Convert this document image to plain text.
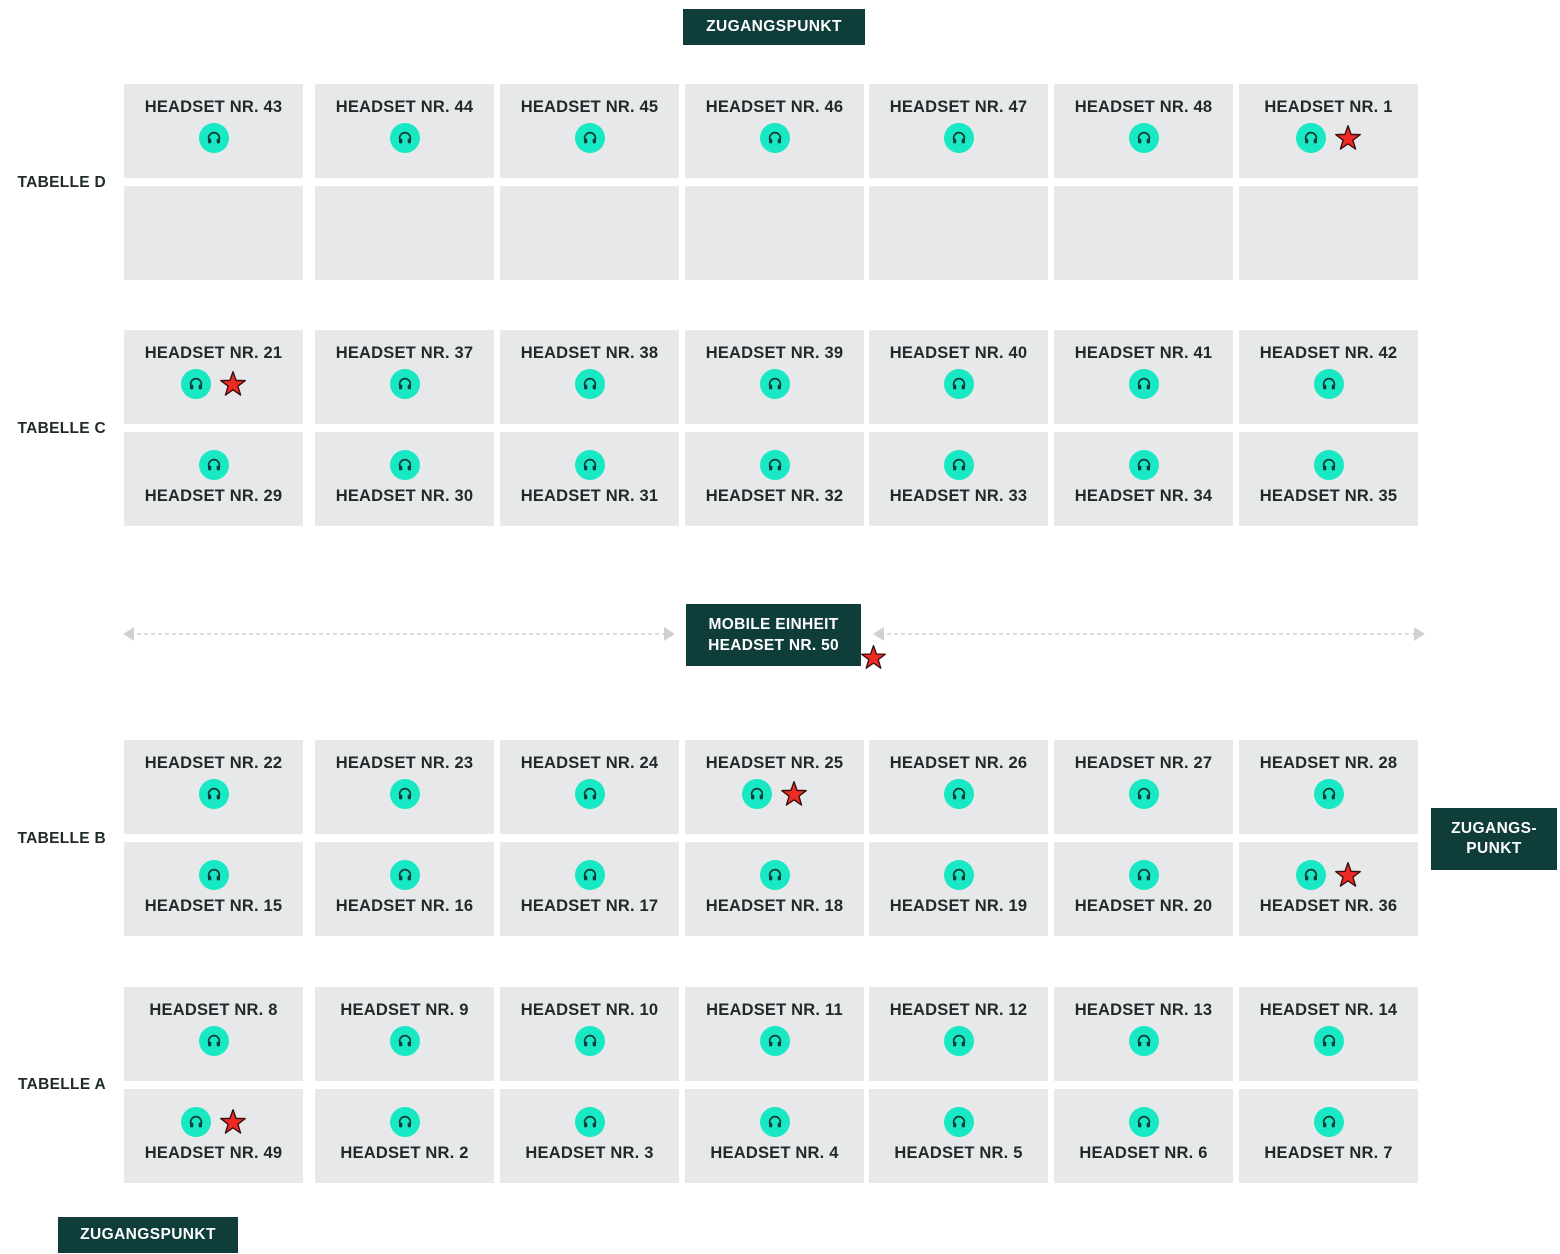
ZUGANGSPUNKT
ZUGANGS-
PUNKT
ZUGANGSPUNKT
MOBILE EINHEIT
HEADSET NR. 50
TABELLE D
HEADSET NR. 43	HEADSET NR. 44	HEADSET NR. 45	HEADSET NR. 46	HEADSET NR. 47	HEADSET NR. 48	HEADSET NR. 1
TABELLE C
HEADSET NR. 21	HEADSET NR. 37	HEADSET NR. 38	HEADSET NR. 39	HEADSET NR. 40	HEADSET NR. 41	HEADSET NR. 42
HEADSET NR. 29	HEADSET NR. 30	HEADSET NR. 31	HEADSET NR. 32	HEADSET NR. 33	HEADSET NR. 34	HEADSET NR. 35
TABELLE B
HEADSET NR. 22	HEADSET NR. 23	HEADSET NR. 24	HEADSET NR. 25	HEADSET NR. 26	HEADSET NR. 27	HEADSET NR. 28
HEADSET NR. 15	HEADSET NR. 16	HEADSET NR. 17	HEADSET NR. 18	HEADSET NR. 19	HEADSET NR. 20	HEADSET NR. 36
TABELLE A
HEADSET NR. 8	HEADSET NR. 9	HEADSET NR. 10	HEADSET NR. 11	HEADSET NR. 12	HEADSET NR. 13	HEADSET NR. 14
HEADSET NR. 49	HEADSET NR. 2	HEADSET NR. 3	HEADSET NR. 4	HEADSET NR. 5	HEADSET NR. 6	HEADSET NR. 7
